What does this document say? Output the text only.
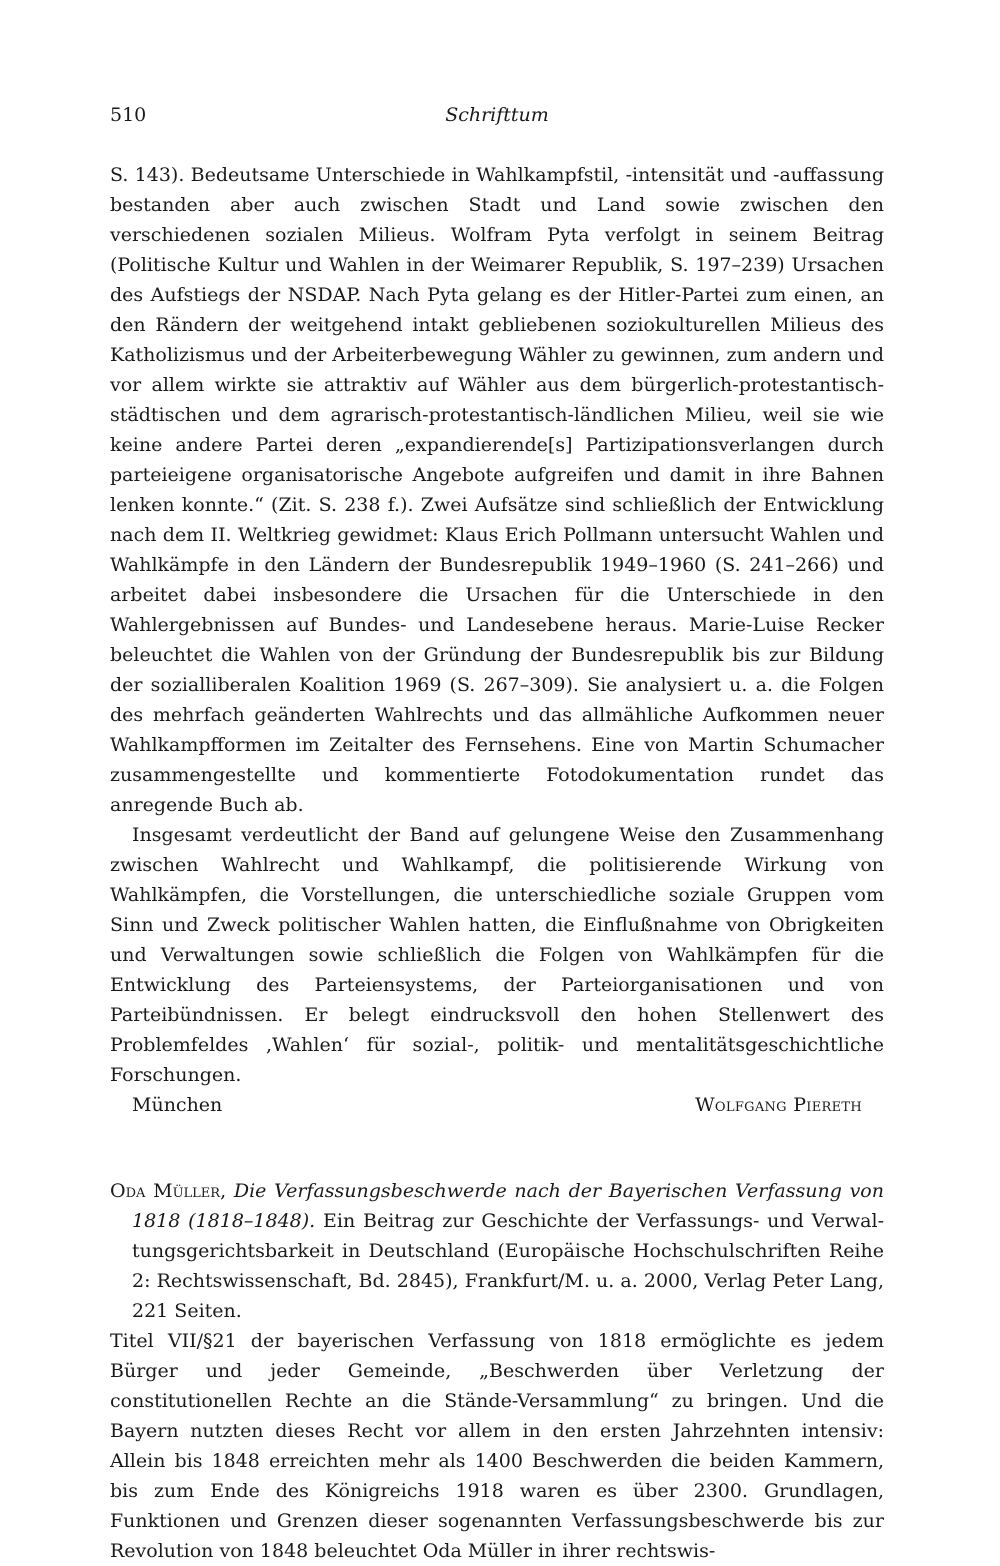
510	Schrifttum

S. 143). Bedeutsame Unterschiede in Wahlkampfstil, -intensität und -auffassung bestanden aber auch zwischen Stadt und Land sowie zwischen den verschiedenen sozialen Milieus. Wolfram Pyta verfolgt in seinem Beitrag (Politische Kultur und Wahlen in der Weimarer Republik, S. 197–239) Ursachen des Aufstiegs der NSDAP. Nach Pyta gelang es der Hitler-Partei zum einen, an den Rändern der weitgehend intakt gebliebenen soziokulturellen Milieus des Katholizismus und der Arbeiterbewegung Wähler zu gewinnen, zum andern und vor allem wirkte sie attraktiv auf Wähler aus dem bürgerlich-protestantisch-städtischen und dem agrarisch-protestantisch-ländlichen Milieu, weil sie wie keine andere Partei deren „expandierende[s] Partizipationsverlangen durch parteieigene organisatorische Angebote aufgreifen und damit in ihre Bahnen lenken konnte.“ (Zit. S. 238 f.). Zwei Aufsätze sind schließlich der Entwicklung nach dem II. Weltkrieg gewidmet: Klaus Erich Pollmann untersucht Wahlen und Wahlkämpfe in den Ländern der Bundesrepublik 1949–1960 (S. 241–266) und arbeitet dabei insbesondere die Ursachen für die Unterschiede in den Wahlergebnissen auf Bundes- und Landesebene heraus. Marie-Luise Recker beleuchtet die Wahlen von der Gründung der Bundesrepublik bis zur Bildung der sozialliberalen Koalition 1969 (S. 267–309). Sie analysiert u. a. die Folgen des mehrfach geänderten Wahlrechts und das allmähliche Aufkommen neuer Wahlkampfformen im Zeitalter des Fernsehens. Eine von Martin Schumacher zusammengestellte und kommentierte Fotodokumentation rundet das anregende Buch ab.

Insgesamt verdeutlicht der Band auf gelungene Weise den Zusammenhang zwischen Wahlrecht und Wahlkampf, die politisierende Wirkung von Wahlkämpfen, die Vorstellungen, die unterschiedliche soziale Gruppen vom Sinn und Zweck politischer Wahlen hatten, die Einflußnahme von Obrigkeiten und Verwaltungen sowie schließlich die Folgen von Wahlkämpfen für die Entwicklung des Parteiensystems, der Parteiorganisationen und von Parteibündnissen. Er belegt eindrucksvoll den hohen Stellenwert des Problemfeldes ‚Wahlen‘ für sozial-, politik- und mentalitätsgeschichtliche Forschungen.

München	Wolfgang Piereth

Oda Müller, Die Verfassungsbeschwerde nach der Bayerischen Verfassung von 1818 (1818–1848). Ein Beitrag zur Geschichte der Verfassungs- und Verwaltungsgerichtsbarkeit in Deutschland (Europäische Hochschulschriften Reihe 2: Rechtswissenschaft, Bd. 2845), Frankfurt/M. u. a. 2000, Verlag Peter Lang, 221 Seiten.

Titel VII/§21 der bayerischen Verfassung von 1818 ermöglichte es jedem Bürger und jeder Gemeinde, „Beschwerden über Verletzung der constitutionellen Rechte an die Stände-Versammlung“ zu bringen. Und die Bayern nutzten dieses Recht vor allem in den ersten Jahrzehnten intensiv: Allein bis 1848 erreichten mehr als 1400 Beschwerden die beiden Kammern, bis zum Ende des Königreichs 1918 waren es über 2300. Grundlagen, Funktionen und Grenzen dieser sogenannten Verfassungsbeschwerde bis zur Revolution von 1848 beleuchtet Oda Müller in ihrer rechtswis-
